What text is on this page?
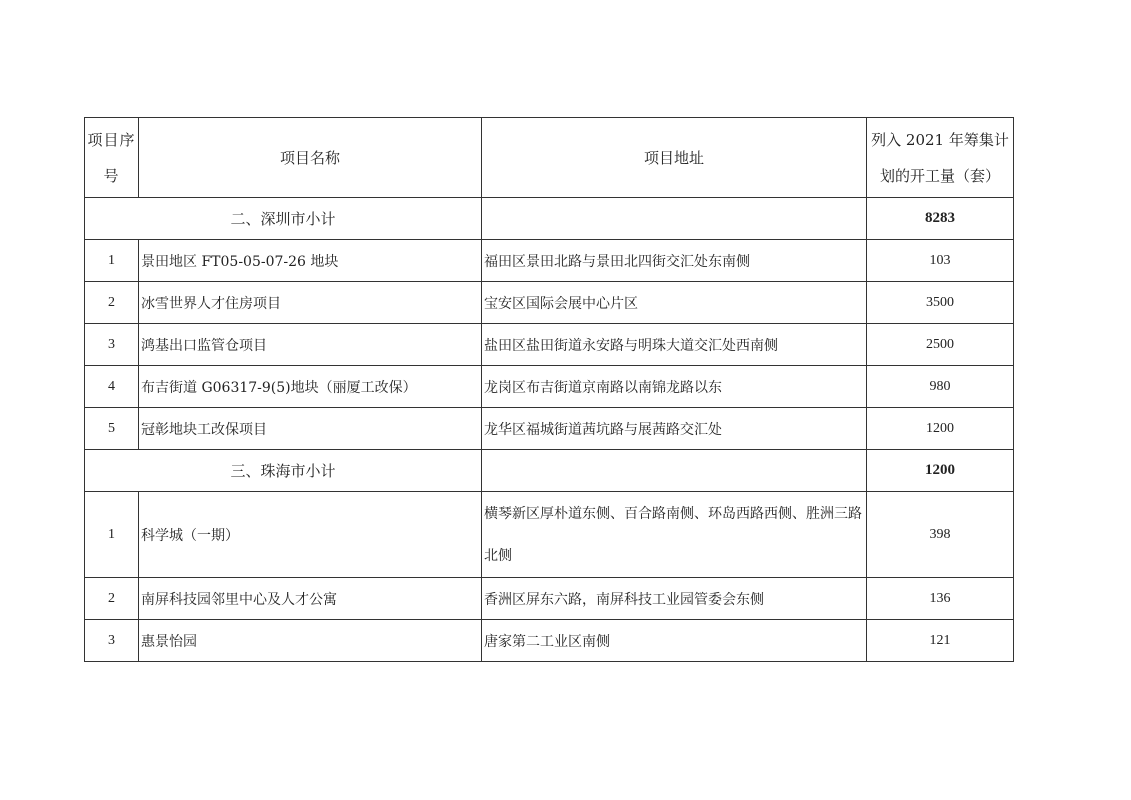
项目序号	项目名称	项目地址	列入 2021 年筹集计划的开工量（套）
二、深圳市小计			8283
1	景田地区 FT05-05-07-26 地块	福田区景田北路与景田北四街交汇处东南侧	103
2	冰雪世界人才住房项目	宝安区国际会展中心片区	3500
3	鸿基出口监管仓项目	盐田区盐田街道永安路与明珠大道交汇处西南侧	2500
4	布吉街道 G06317-9(5)地块（丽厦工改保）	龙岗区布吉街道京南路以南锦龙路以东	980
5	冠彰地块工改保项目	龙华区福城街道茜坑路与展茜路交汇处	1200
三、珠海市小计			1200
1	科学城（一期）	横琴新区厚朴道东侧、百合路南侧、环岛西路西侧、胜洲三路北侧	398
2	南屏科技园邻里中心及人才公寓	香洲区屏东六路，南屏科技工业园管委会东侧	136
3	惠景怡园	唐家第二工业区南侧	121
